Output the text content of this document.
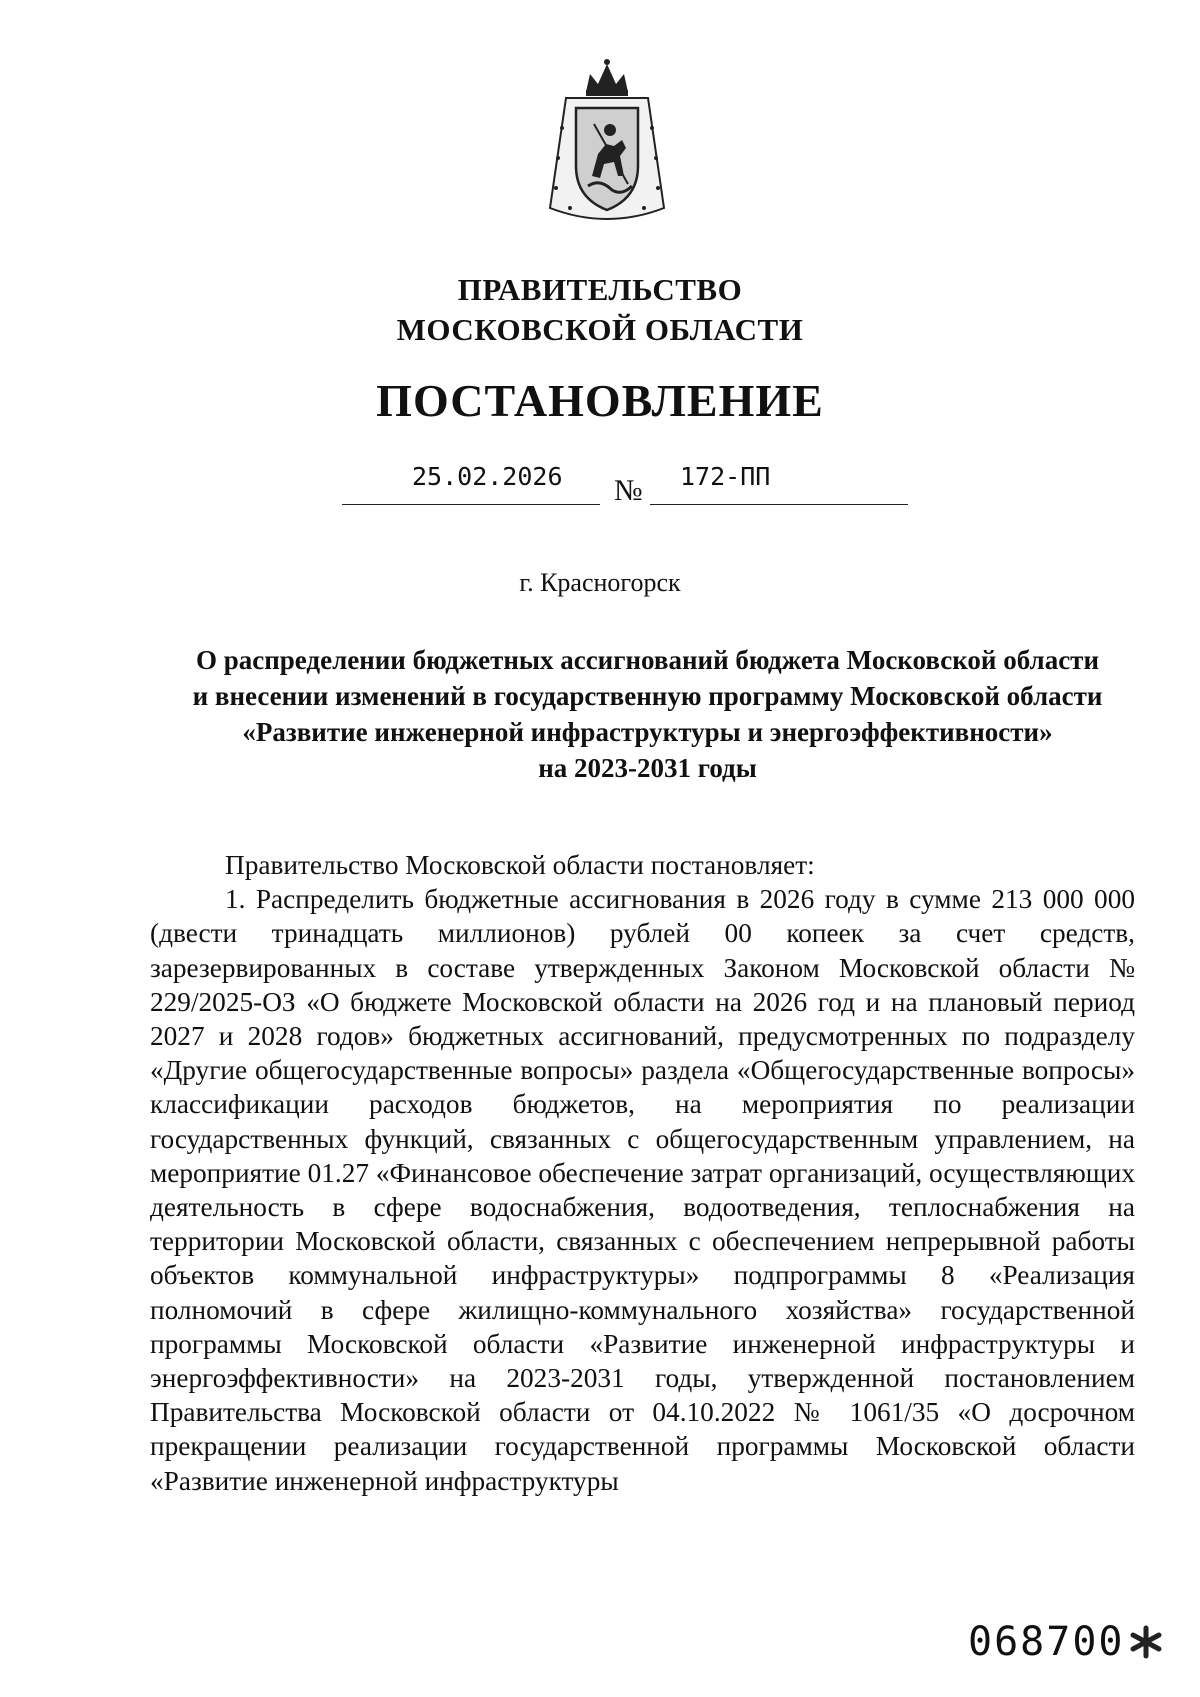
ПРАВИТЕЛЬСТВО
МОСКОВСКОЙ ОБЛАСТИ
ПОСТАНОВЛЕНИЕ
25.02.2026 № 172-ПП
г. Красногорск
О распределении бюджетных ассигнований бюджета Московской области
и внесении изменений в государственную программу Московской области
«Развитие инженерной инфраструктуры и энергоэффективности»
на 2023-2031 годы
Правительство Московской области постановляет:
1. Распределить бюджетные ассигнования в 2026 году в сумме 213 000 000 (двести тринадцать миллионов) рублей 00 копеек за счет средств, зарезервированных в составе утвержденных Законом Московской области № 229/2025-ОЗ «О бюджете Московской области на 2026 год и на плановый период 2027 и 2028 годов» бюджетных ассигнований, предусмотренных по подразделу «Другие общегосударственные вопросы» раздела «Общегосударственные вопросы» классификации расходов бюджетов, на мероприятия по реализации государственных функций, связанных с общегосударственным управлением, на мероприятие 01.27 «Финансовое обеспечение затрат организаций, осуществляющих деятельность в сфере водоснабжения, водоотведения, теплоснабжения на территории Московской области, связанных с обеспечением непрерывной работы объектов коммунальной инфраструктуры» подпрограммы 8 «Реализация полномочий в сфере жилищно-коммунального хозяйства» государственной программы Московской области «Развитие инженерной инфраструктуры и энергоэффективности» на 2023-2031 годы, утвержденной постановлением Правительства Московской области от 04.10.2022 № 1061/35 «О досрочном прекращении реализации государственной программы Московской области «Развитие инженерной инфраструктуры
068700
